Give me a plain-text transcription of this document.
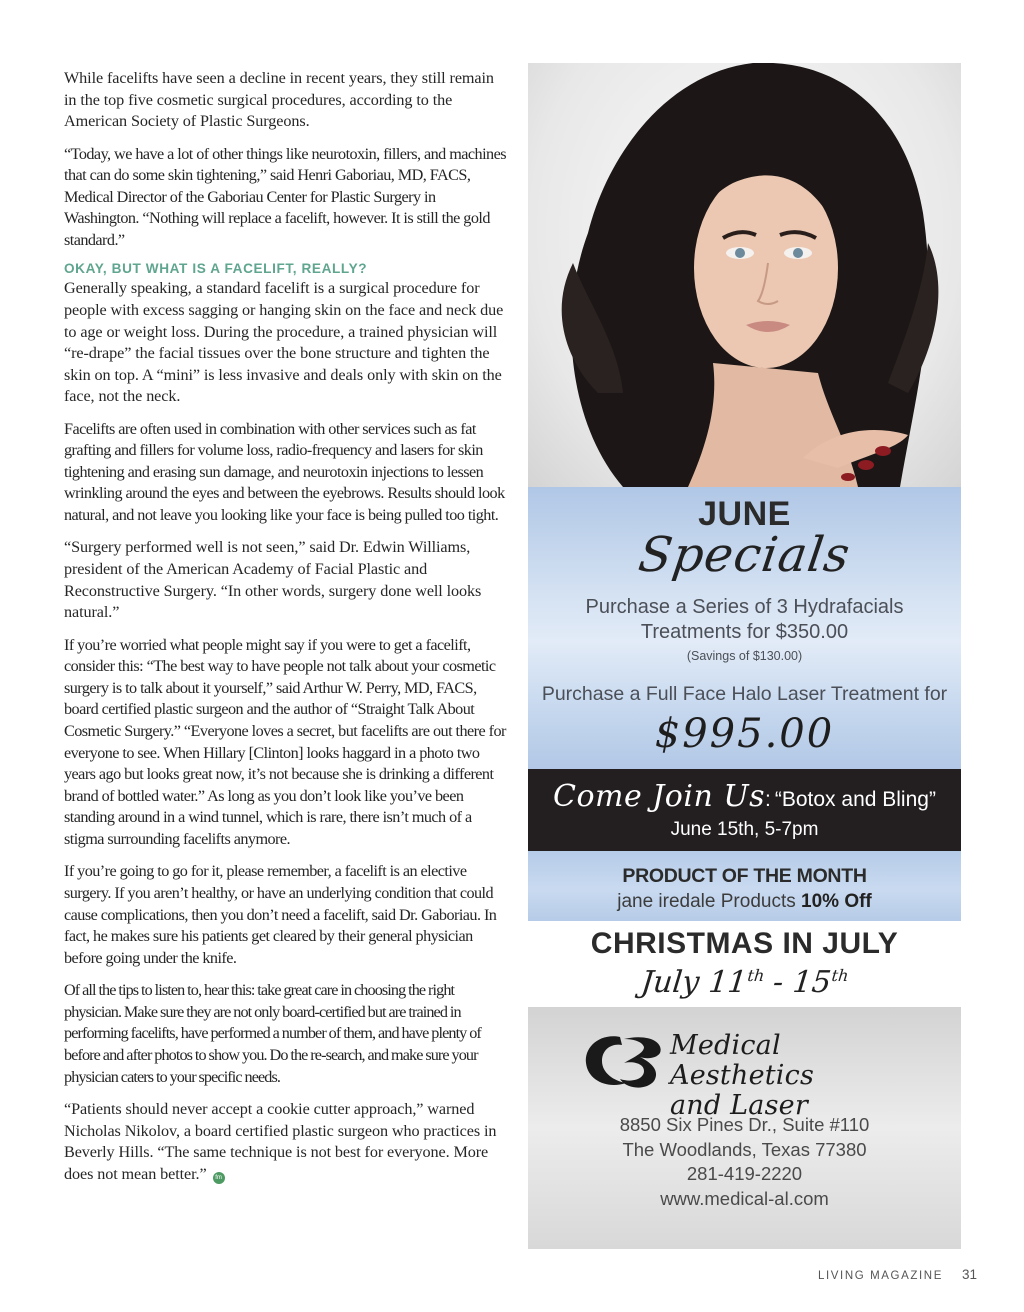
While facelifts have seen a decline in recent years, they still remain in the top five cosmetic surgical procedures, according to the American Society of Plastic Surgeons.

“Today, we have a lot of other things like neurotoxin, fillers, and machines that can do some skin tightening,” said Henri Gaboriau, MD, FACS, Medical Director of the Gaboriau Center for Plastic Surgery in Washington. “Nothing will replace a facelift, however. It is still the gold standard.”

OKAY, BUT WHAT IS A FACELIFT, REALLY?

Generally speaking, a standard facelift is a surgical procedure for people with excess sagging or hanging skin on the face and neck due to age or weight loss. During the procedure, a trained physician will “re-drape” the facial tissues over the bone structure and tighten the skin on top. A “mini” is less invasive and deals only with skin on the face, not the neck.

Facelifts are often used in combination with other services such as fat grafting and fillers for volume loss, radio-frequency and lasers for skin tightening and erasing sun damage, and neurotoxin injections to lessen wrinkling around the eyes and between the eyebrows. Results should look natural, and not leave you looking like your face is being pulled too tight.

“Surgery performed well is not seen,” said Dr. Edwin Williams, president of the American Academy of Facial Plastic and Reconstructive Surgery. “In other words, surgery done well looks natural.”

If you’re worried what people might say if you were to get a facelift, consider this: “The best way to have people not talk about your cosmetic surgery is to talk about it yourself,” said Arthur W. Perry, MD, FACS, board certified plastic surgeon and the author of “Straight Talk About Cosmetic Surgery.” “Everyone loves a secret, but facelifts are out there for everyone to see. When Hillary [Clinton] looks haggard in a photo two years ago but looks great now, it’s not because she is drinking a different brand of bottled water.” As long as you don’t look like you’ve been standing around in a wind tunnel, which is rare, there isn’t much of a stigma surrounding facelifts anymore.

If you’re going to go for it, please remember, a facelift is an elective surgery. If you aren’t healthy, or have an underlying condition that could cause complications, then you don’t need a facelift, said Dr. Gaboriau. In fact, he makes sure his patients get cleared by their general physician before going under the knife.

Of all the tips to listen to, hear this: take great care in choosing the right physician. Make sure they are not only board-certified but are trained in performing facelifts, have performed a number of them, and have plenty of before and after photos to show you. Do the re-search, and make sure your physician caters to your specific needs.

“Patients should never accept a cookie cutter approach,” warned Nicholas Nikolov, a board certified plastic surgeon who practices in Beverly Hills. “The same technique is not best for everyone. More does not mean better.” fm

JUNE
Specials
Purchase a Series of 3 Hydrafacials
Treatments for $350.00
(Savings of $130.00)
Purchase a Full Face Halo Laser Treatment for
$995.00
Come Join Us: “Botox and Bling”
June 15th, 5-7pm
PRODUCT OF THE MONTH
jane iredale Products 10% Off
CHRISTMAS IN JULY
July 11th - 15th
Medical Aesthetics
and Laser
8850 Six Pines Dr., Suite #110
The Woodlands, Texas 77380
281-419-2220
www.medical-al.com
LIVING MAGAZINE 31
